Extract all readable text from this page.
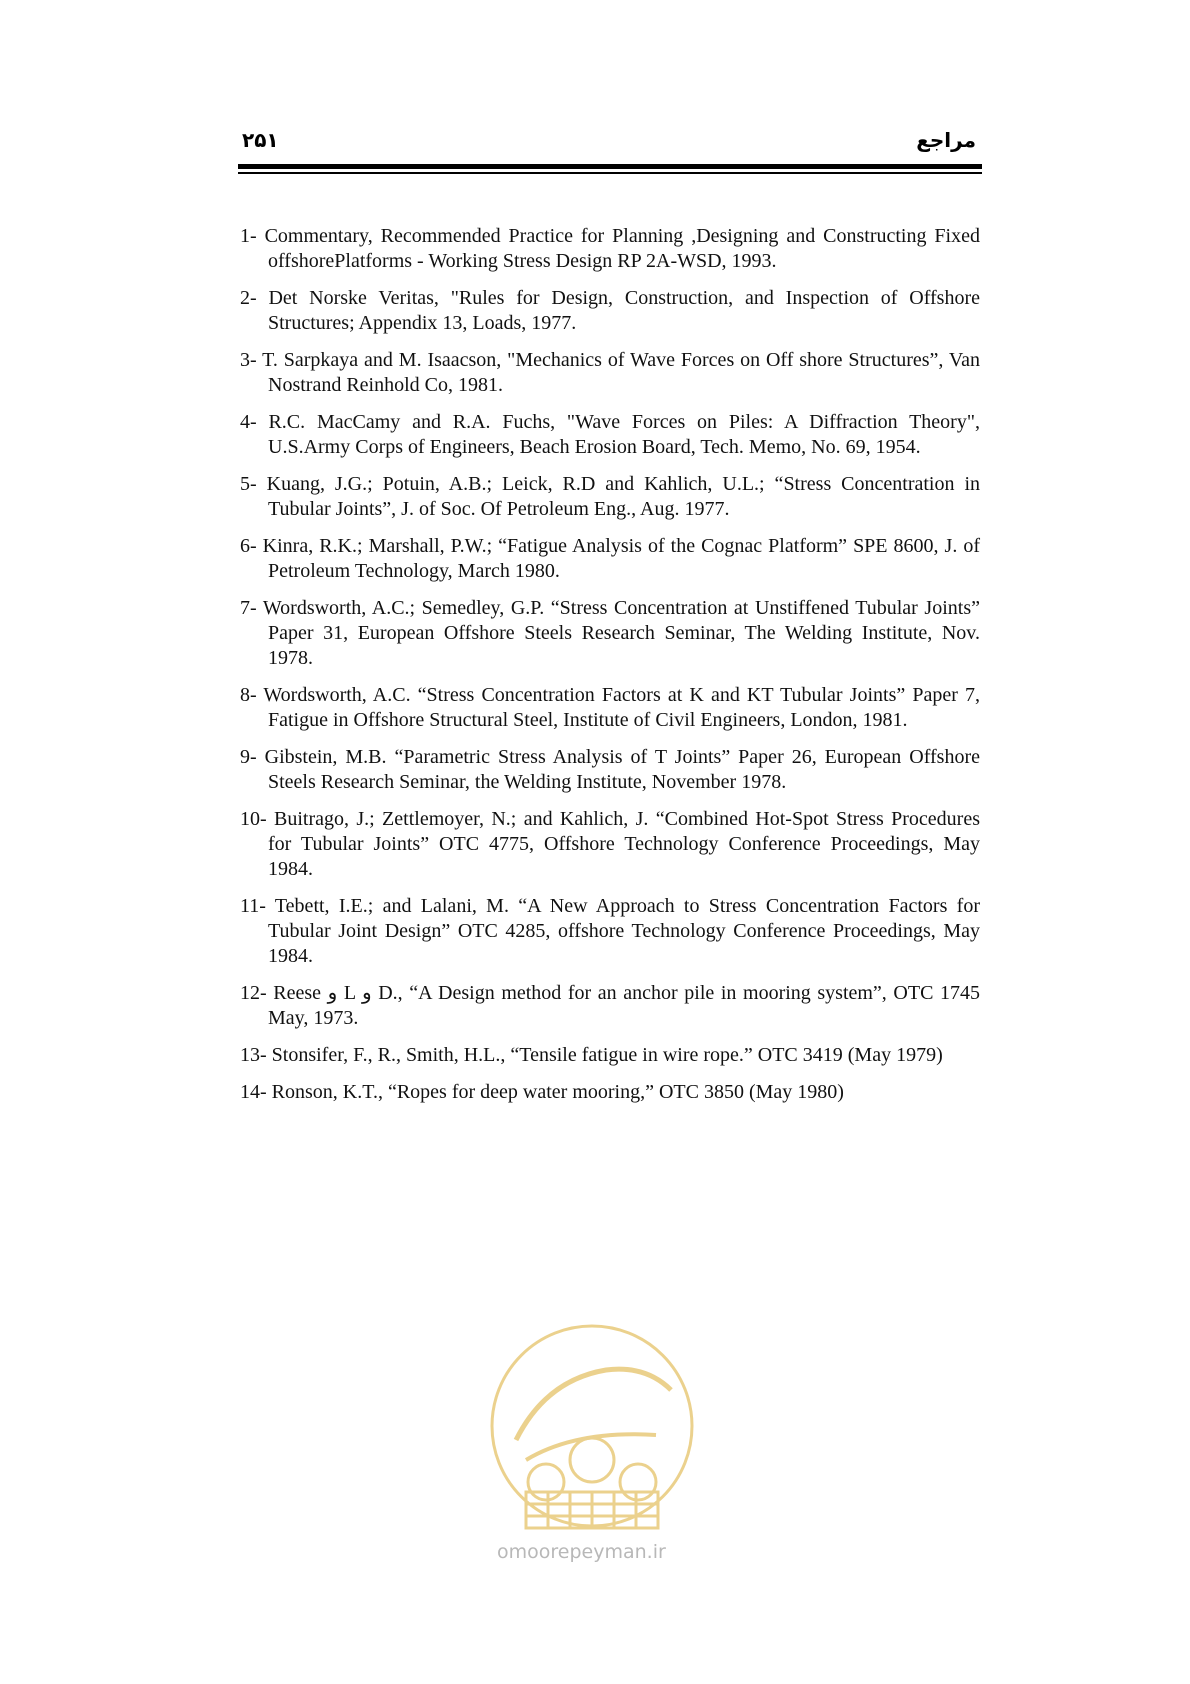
۲۵۱	مراجع
1- Commentary, Recommended Practice for Planning ,Designing and Constructing Fixed offshorePlatforms - Working Stress Design RP 2A-WSD, 1993.
2- Det Norske Veritas, "Rules for Design, Construction, and Inspection of Offshore Structures; Appendix 13, Loads, 1977.
3- T. Sarpkaya and M. Isaacson, "Mechanics of Wave Forces on Off shore Structures”, Van Nostrand Reinhold Co, 1981.
4- R.C. MacCamy and R.A. Fuchs, "Wave Forces on Piles: A Diffraction Theory", U.S.Army Corps of Engineers, Beach Erosion Board, Tech. Memo, No. 69, 1954.
5- Kuang, J.G.; Potuin, A.B.; Leick, R.D and Kahlich, U.L.; “Stress Concentration in Tubular Joints”, J. of Soc. Of Petroleum Eng., Aug. 1977.
6- Kinra, R.K.; Marshall, P.W.; “Fatigue Analysis of the Cognac Platform” SPE 8600, J. of Petroleum Technology, March 1980.
7- Wordsworth, A.C.; Semedley, G.P. “Stress Concentration at Unstiffened Tubular Joints” Paper 31, European Offshore Steels Research Seminar, The Welding Institute, Nov. 1978.
8- Wordsworth, A.C. “Stress Concentration Factors at K and KT Tubular Joints” Paper 7, Fatigue in Offshore Structural Steel, Institute of Civil Engineers, London, 1981.
9- Gibstein, M.B. “Parametric Stress Analysis of T Joints” Paper 26, European Offshore Steels Research Seminar, the Welding Institute, November 1978.
10- Buitrago, J.; Zettlemoyer, N.; and Kahlich, J. “Combined Hot-Spot Stress Procedures for Tubular Joints” OTC 4775, Offshore Technology Conference Proceedings, May 1984.
11- Tebett, I.E.; and Lalani, M. “A New Approach to Stress Concentration Factors for Tubular Joint Design” OTC 4285, offshore Technology Conference Proceedings, May 1984.
12- Reese و L و D., “A Design method for an anchor pile in mooring system”, OTC 1745 May, 1973.
13- Stonsifer, F., R., Smith, H.L., “Tensile fatigue in wire rope.” OTC 3419 (May 1979)
14- Ronson, K.T., “Ropes for deep water mooring,” OTC 3850 (May 1980)
omoorepeyman.ir
